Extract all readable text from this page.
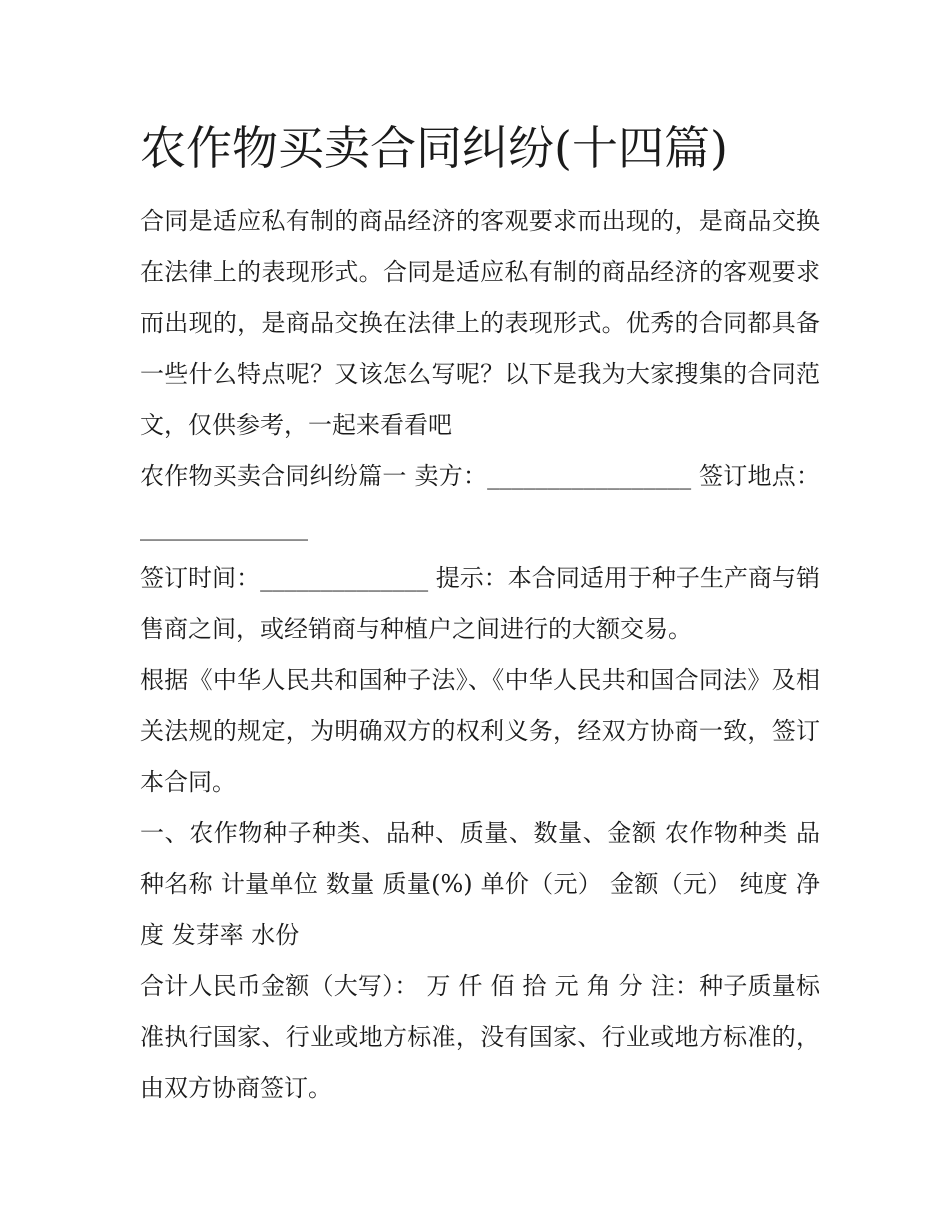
农作物买卖合同纠纷(十四篇)

合同是适应私有制的商品经济的客观要求而出现的，是商品交换在法律上的表现形式。合同是适应私有制的商品经济的客观要求而出现的，是商品交换在法律上的表现形式。优秀的合同都具备一些什么特点呢？又该怎么写呢？以下是我为大家搜集的合同范文，仅供参考，一起来看看吧

农作物买卖合同纠纷篇一 卖方：_________________ 签订地点：______________

签订时间：______________ 提示：本合同适用于种子生产商与销售商之间，或经销商与种植户之间进行的大额交易。

根据《中华人民共和国种子法》、《中华人民共和国合同法》及相关法规的规定，为明确双方的权利义务，经双方协商一致，签订本合同。

一、农作物种子种类、品种、质量、数量、金额 农作物种类 品种名称 计量单位 数量 质量(%) 单价（元） 金额（元） 纯度 净度 发芽率 水份

合计人民币金额（大写）： 万 仟 佰 拾 元 角 分 注：种子质量标准执行国家、行业或地方标准，没有国家、行业或地方标准的，由双方协商签订。
